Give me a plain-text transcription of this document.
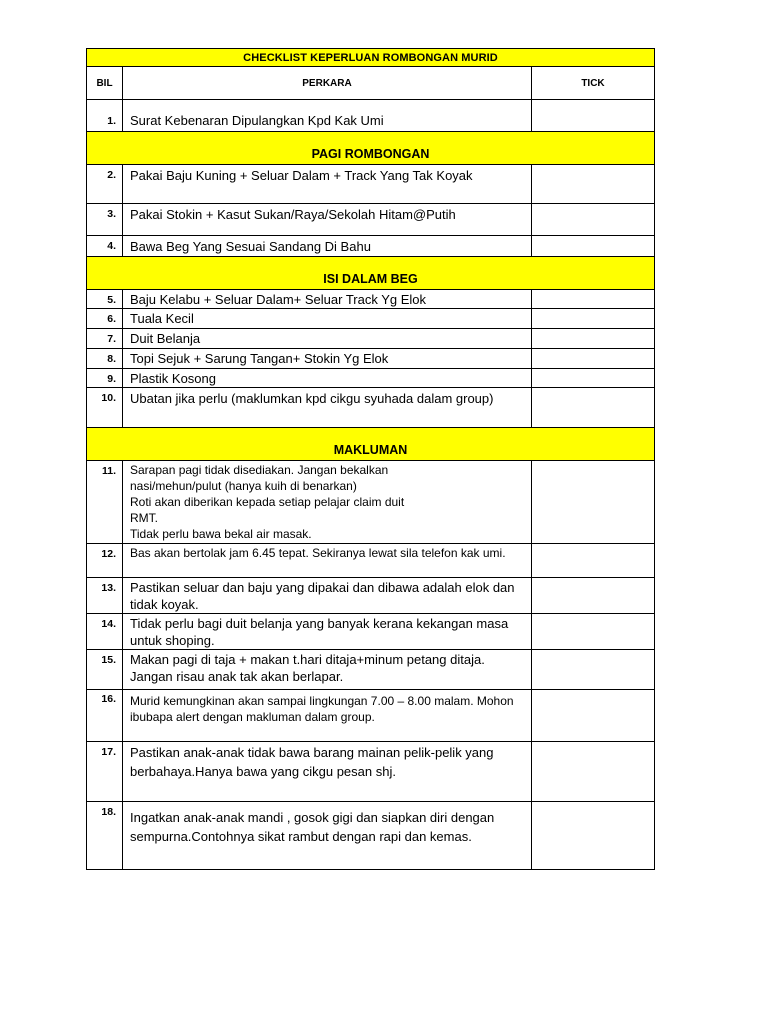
CHECKLIST KEPERLUAN ROMBONGAN MURID		
BIL	PERKARA	TICK
1.	Surat Kebenaran Dipulangkan Kpd Kak Umi	
PAGI ROMBONGAN		
2.	Pakai Baju Kuning + Seluar Dalam + Track Yang Tak Koyak	
3.	Pakai Stokin + Kasut Sukan/Raya/Sekolah Hitam@Putih	
4.	Bawa Beg Yang Sesuai Sandang Di Bahu	
ISI DALAM BEG		
5.	Baju Kelabu + Seluar Dalam+ Seluar Track Yg Elok	
6.	Tuala Kecil	
7.	Duit Belanja	
8.	Topi Sejuk + Sarung Tangan+ Stokin Yg Elok	
9.	Plastik Kosong	
10.	Ubatan jika perlu (maklumkan kpd cikgu syuhada dalam group)	
MAKLUMAN		
11.	Sarapan pagi tidak disediakan. Jangan bekalkan
nasi/mehun/pulut (hanya kuih di benarkan)
Roti akan diberikan kepada setiap pelajar claim duit
RMT.
Tidak perlu bawa bekal air masak.	

12.	Bas akan bertolak jam 6.45 tepat. Sekiranya lewat sila telefon kak umi.	
13.	Pastikan seluar dan baju yang dipakai dan dibawa adalah elok dan tidak koyak.	
14.	Tidak perlu bagi duit belanja yang banyak kerana kekangan masa untuk shoping.	
15.	Makan pagi di taja + makan t.hari ditaja+minum petang ditaja. Jangan risau anak tak akan berlapar.	
16.	Murid kemungkinan akan sampai lingkungan 7.00 – 8.00 malam. Mohon ibubapa alert dengan makluman dalam group.	
17.	Pastikan anak-anak tidak bawa barang mainan pelik-pelik yang berbahaya.Hanya bawa yang cikgu pesan shj.	
18.	Ingatkan anak-anak mandi , gosok gigi dan siapkan diri dengan sempurna.Contohnya sikat rambut dengan rapi dan kemas.	
